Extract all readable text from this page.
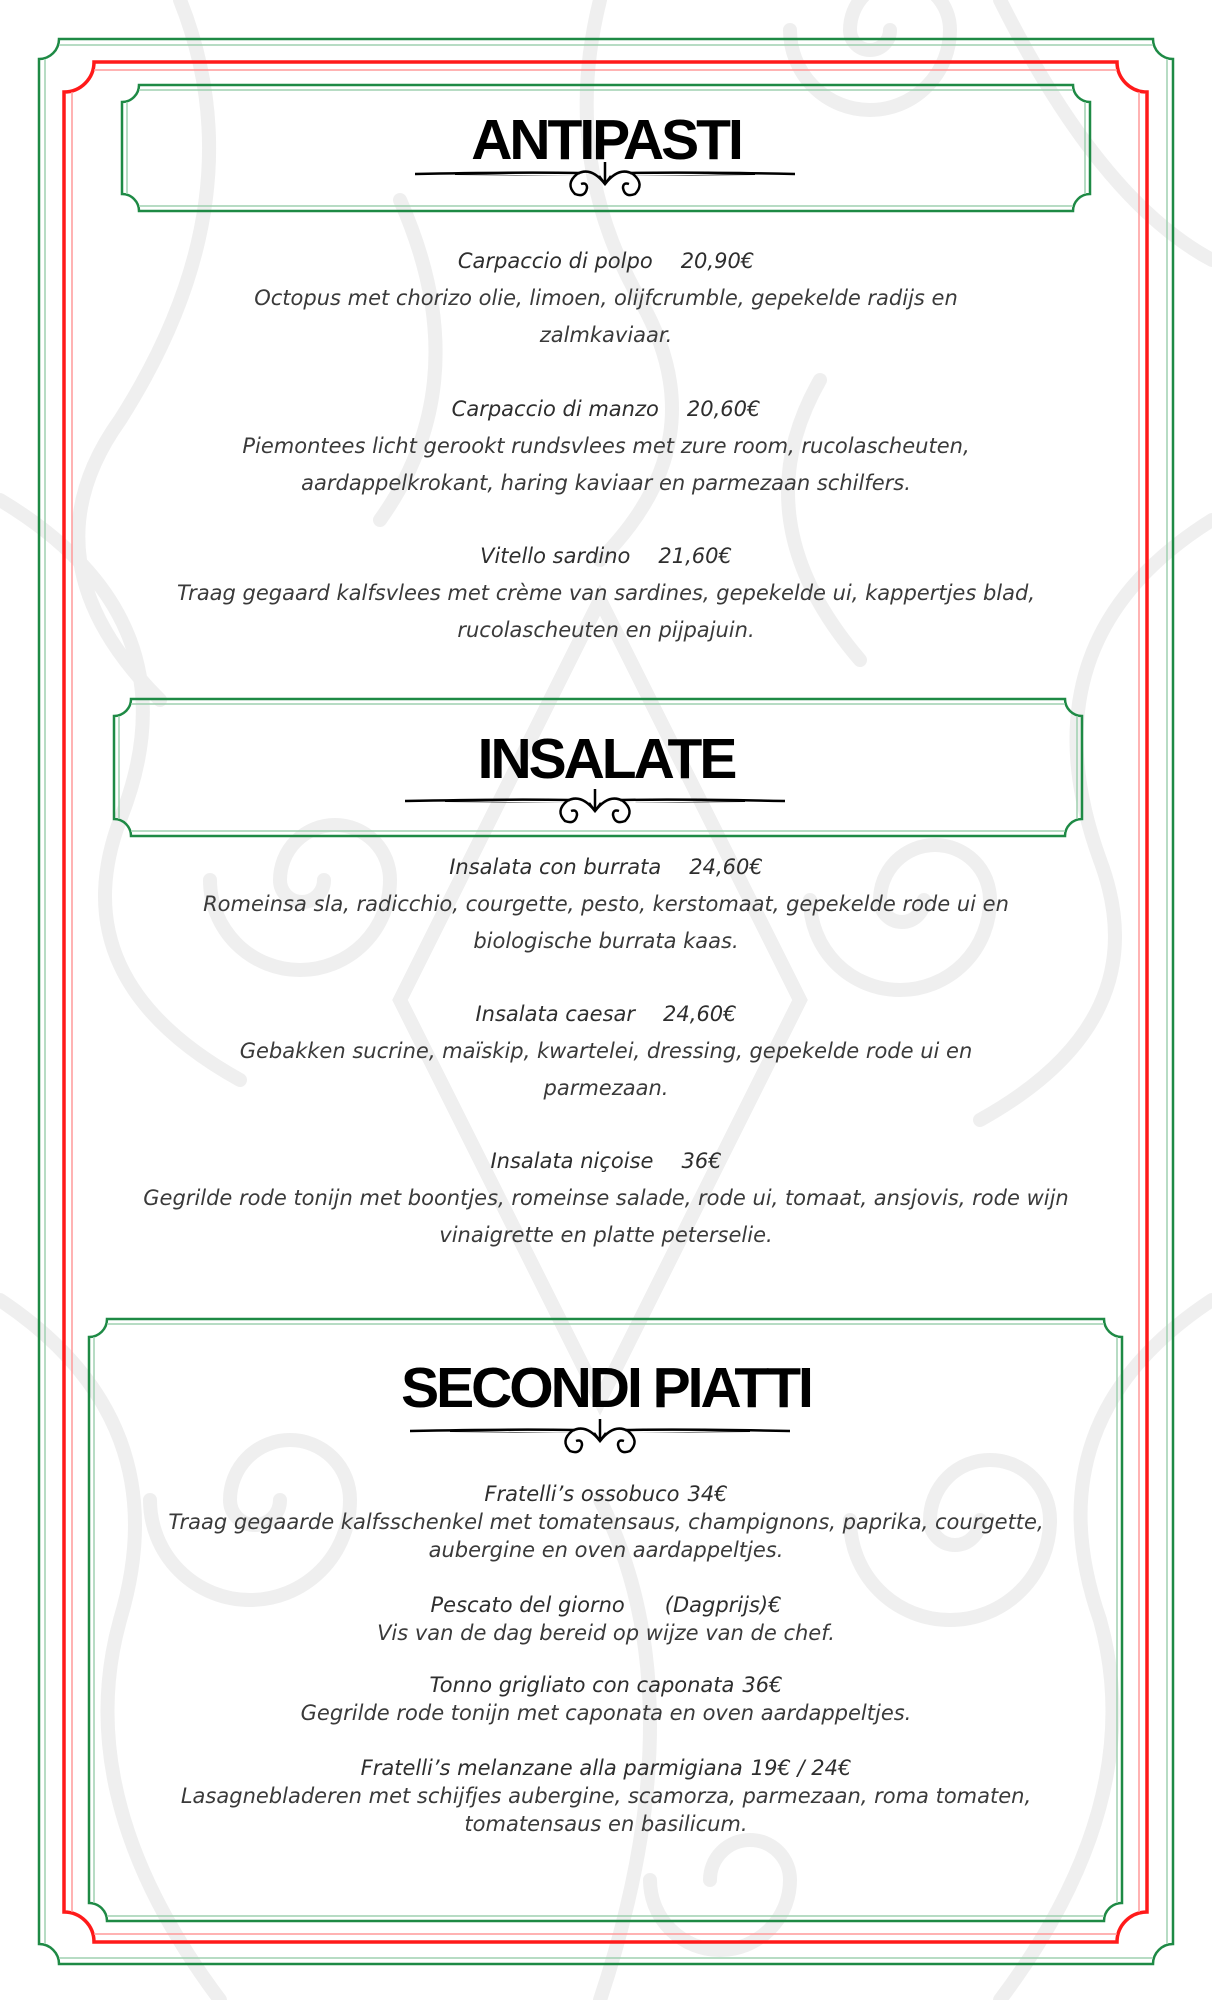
ANTIPASTI
Carpaccio di polpo 20,90€
Octopus met chorizo olie, limoen, olijfcrumble, gepekelde radijs en zalmkaviaar.
Carpaccio di manzo 20,60€
Piemontees licht gerookt rundsvlees met zure room, rucolascheuten, aardappelkrokant, haring kaviaar en parmezaan schilfers.
Vitello sardino 21,60€
Traag gegaard kalfsvlees met crème van sardines, gepekelde ui, kappertjes blad, rucolascheuten en pijpajuin.
INSALATE
Insalata con burrata 24,60€
Romeinsa sla, radicchio, courgette, pesto, kerstomaat, gepekelde rode ui en biologische burrata kaas.
Insalata caesar 24,60€
Gebakken sucrine, maïskip, kwartelei, dressing, gepekelde rode ui en parmezaan.
Insalata niçoise 36€
Gegrilde rode tonijn met boontjes, romeinse salade, rode ui, tomaat, ansjovis, rode wijn vinaigrette en platte peterselie.
SECONDI PIATTI
Fratelli’s ossobuco 34€
Traag gegaarde kalfsschenkel met tomatensaus, champignons, paprika, courgette, aubergine en oven aardappeltjes.
Pescato del giorno (Dagprijs)€
Vis van de dag bereid op wijze van de chef.
Tonno grigliato con caponata 36€
Gegrilde rode tonijn met caponata en oven aardappeltjes.
Fratelli’s melanzane alla parmigiana 19€ / 24€
Lasagnebladeren met schijfjes aubergine, scamorza, parmezaan, roma tomaten, tomatensaus en basilicum.
